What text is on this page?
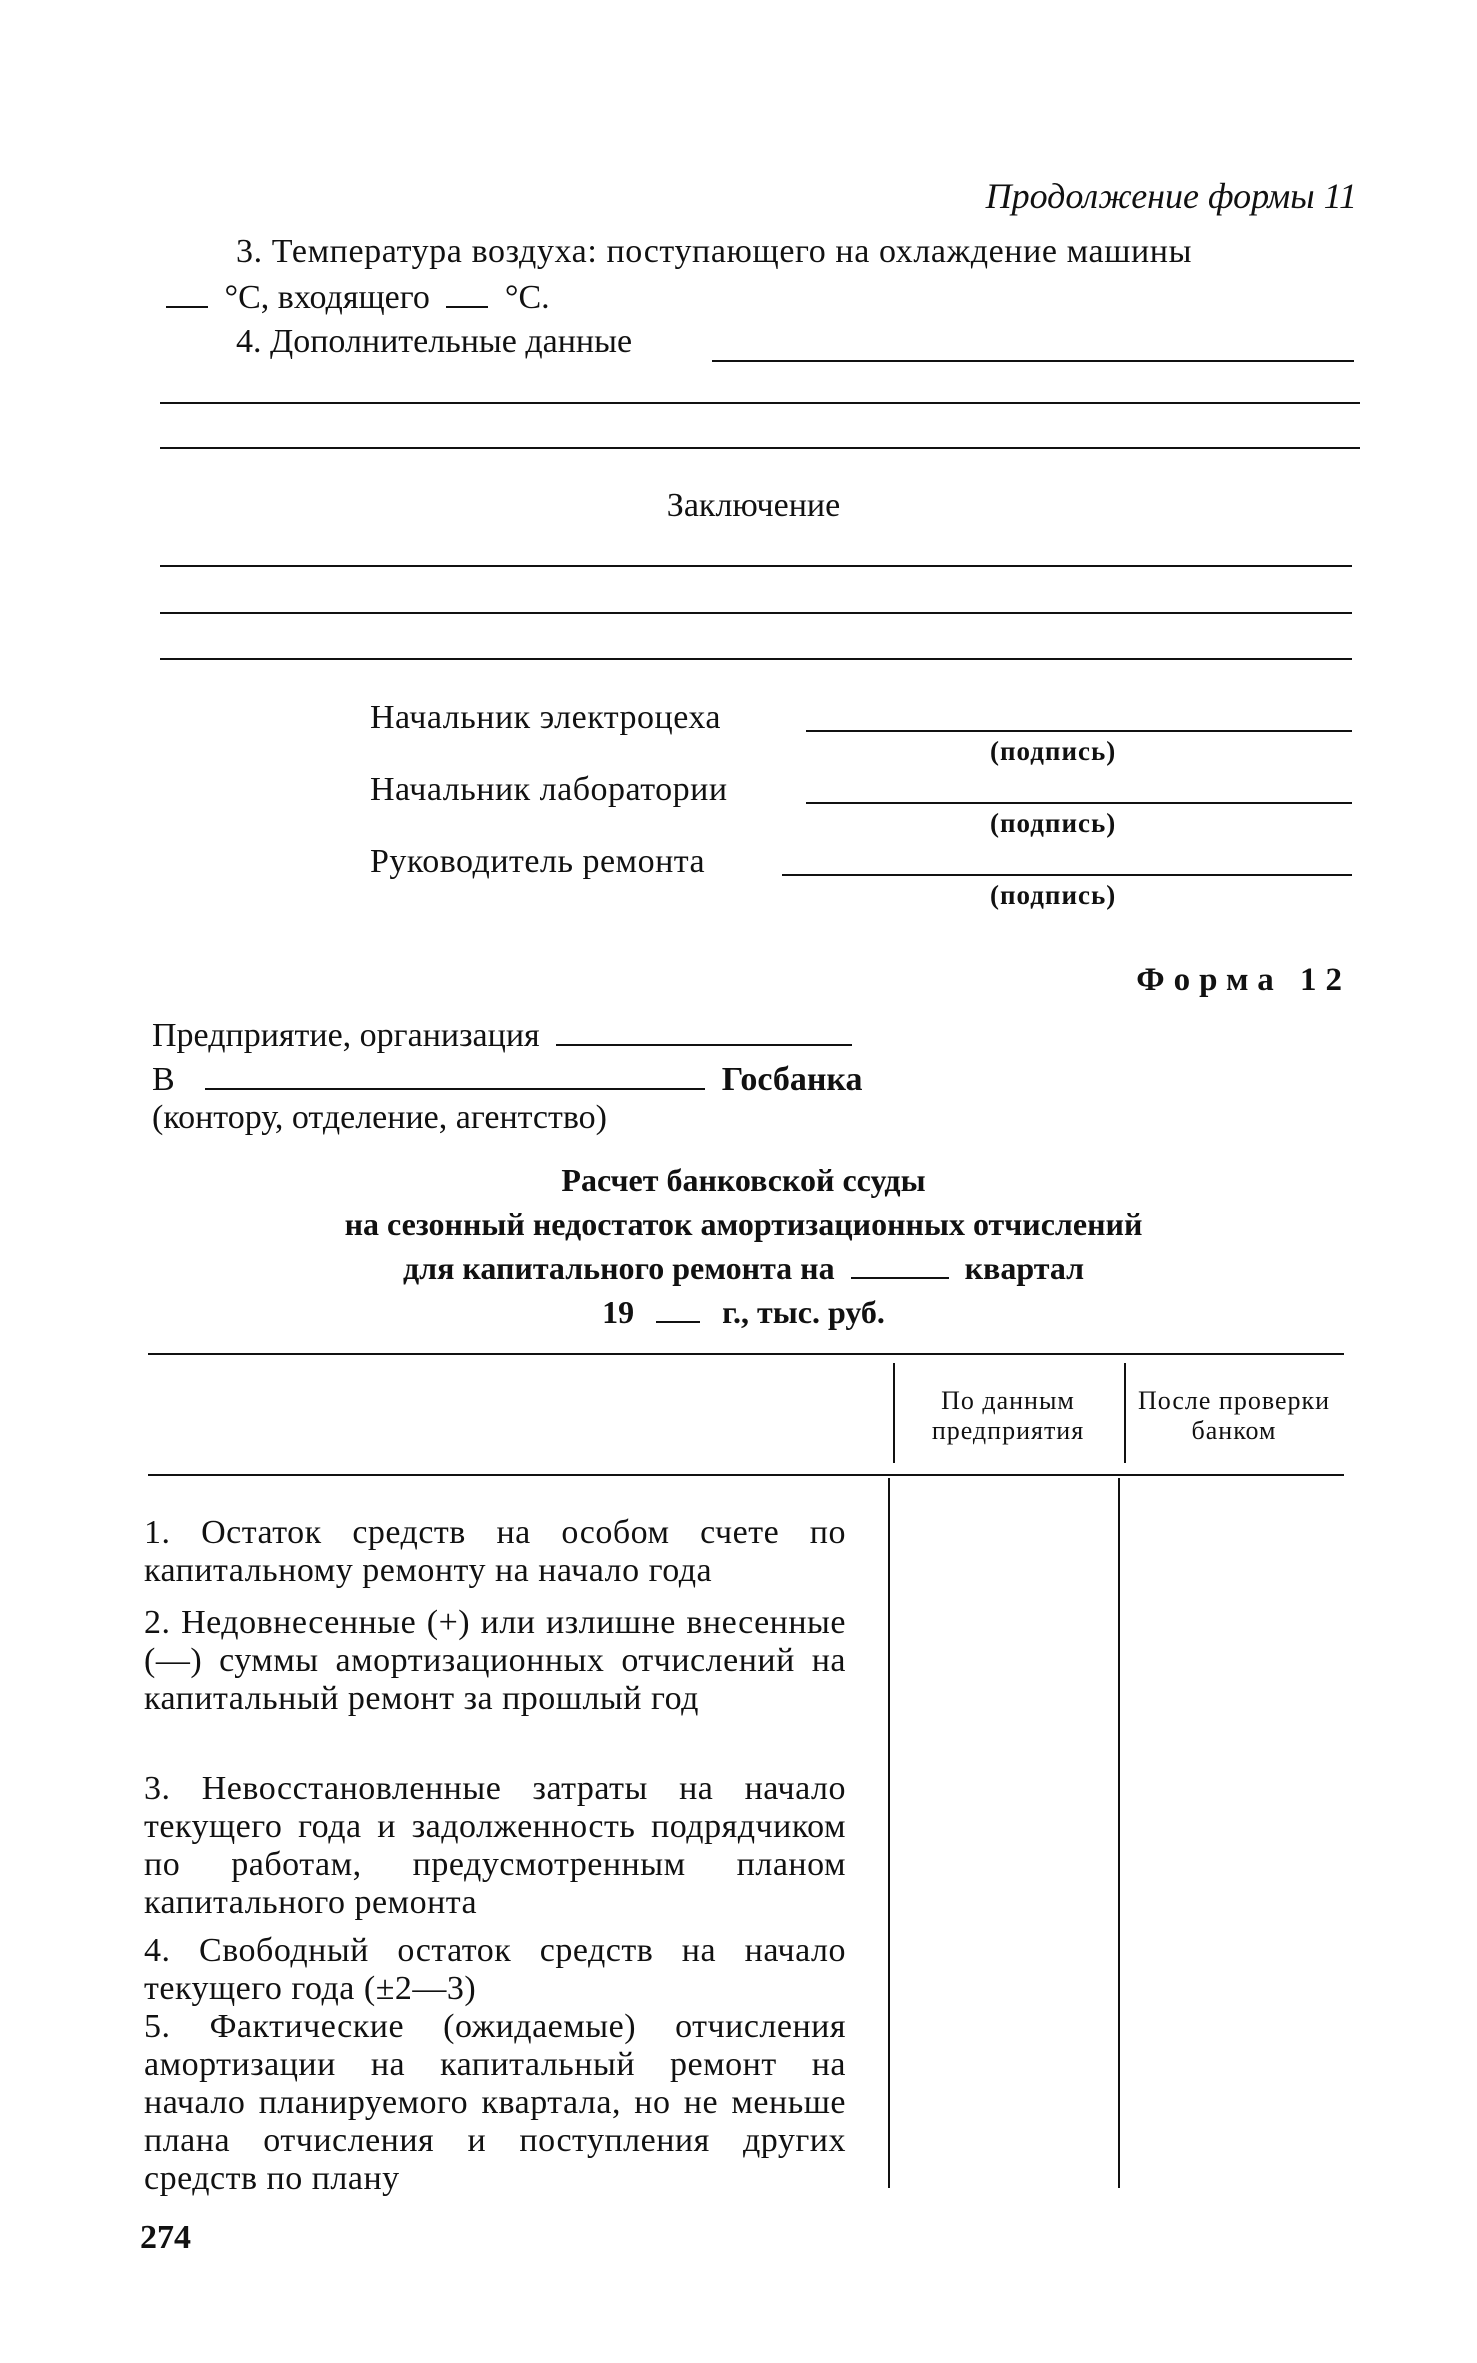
Продолжение формы 11
3. Температура воздуха: поступающего на охлаждение машины
°С, входящего °С.
4. Дополнительные данные
Заключение
Начальник электроцеха
(подпись)
Начальник лаборатории
(подпись)
Руководитель ремонта
(подпись)
Форма 12
Предприятие, организация
В	Госбанка
(контору, отделение, агентство)
Расчет банковской ссуды
на сезонный недостаток амортизационных отчислений
для капитального ремонта на	квартал
19	г., тыс. руб.
По данным предприятия
После проверки банком
1. Остаток средств на особом счете по капитальному ремонту на начало года
2. Недовнесенные (+) или излишне внесенные (—) суммы амортизационных отчислений на капитальный ремонт за прошлый год
3. Невосстановленные затраты на начало текущего года и задолженность подрядчиком по работам, предусмотренным планом капитального ремонта
4. Свободный остаток средств на начало текущего года (±2—3)
5. Фактические (ожидаемые) отчисления амортизации на капитальный ремонт на начало планируемого квартала, но не меньше плана отчисления и поступления других средств по плану
274
